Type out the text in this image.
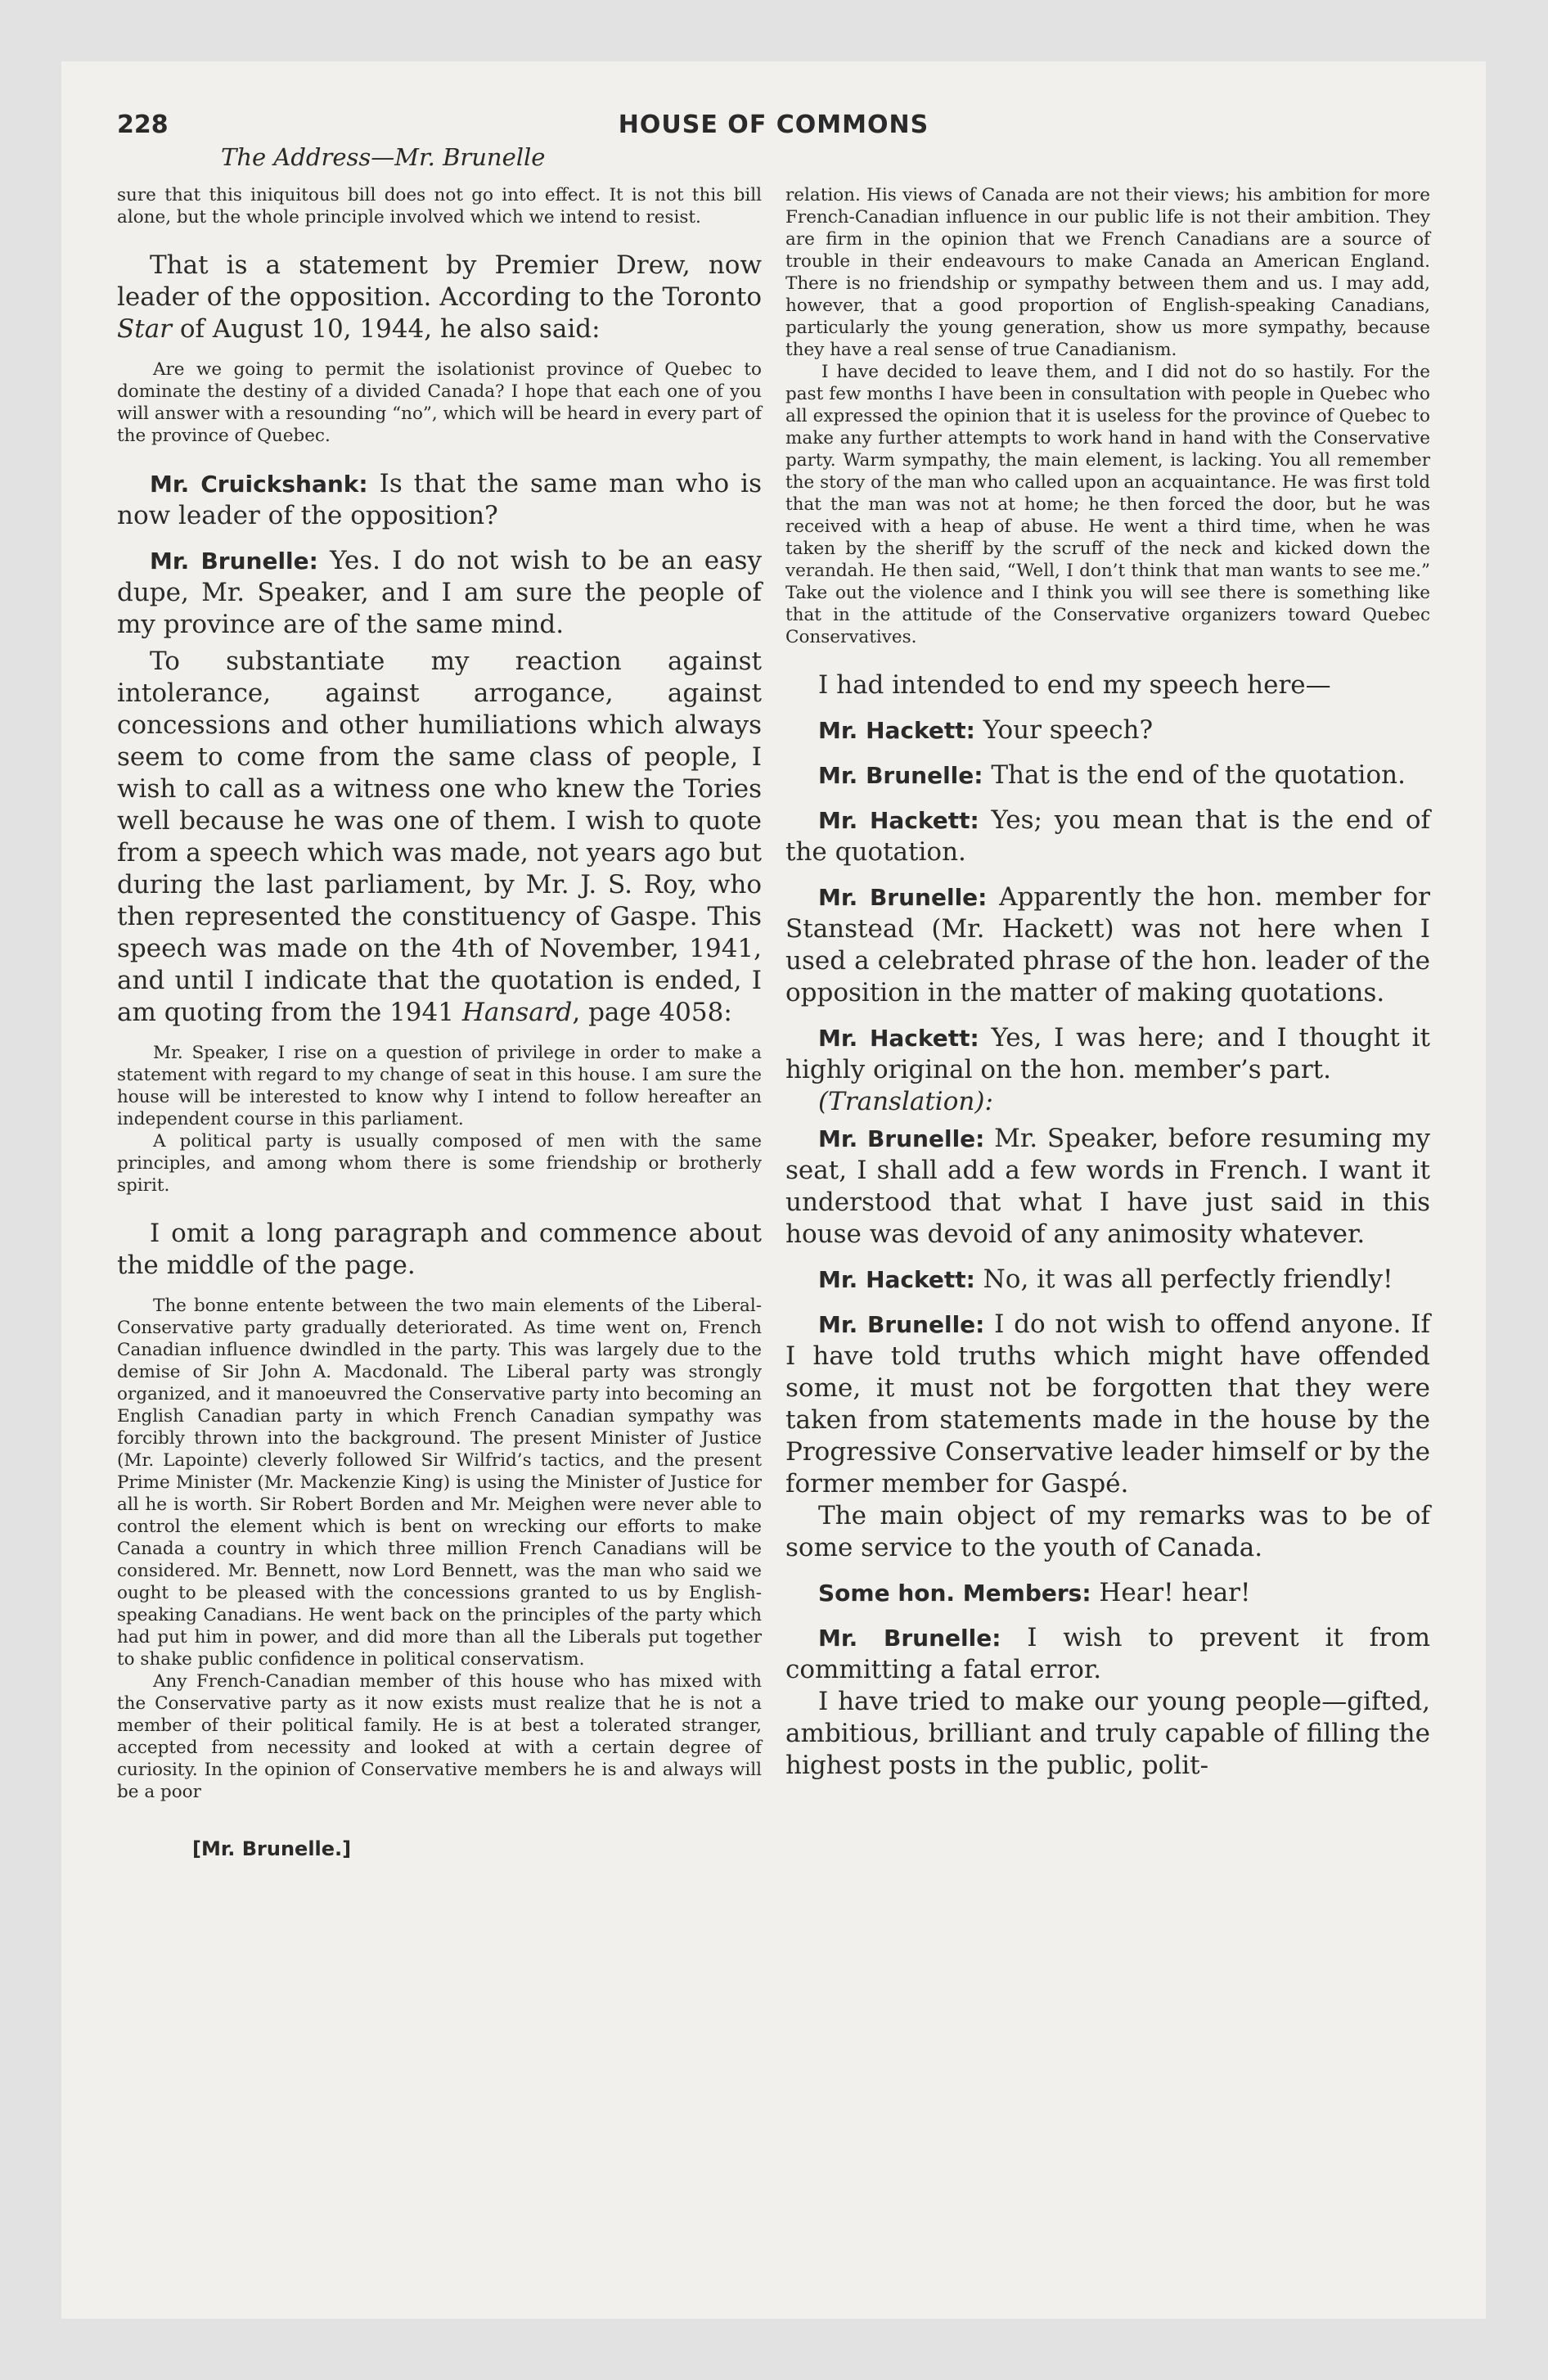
HOUSE OF COMMONS
228
The Address—Mr. Brunelle

sure that this iniquitous bill does not go into effect. It is not this bill alone, but the whole principle involved which we intend to resist.

That is a statement by Premier Drew, now leader of the opposition. According to the Toronto Star of August 10, 1944, he also said:

Are we going to permit the isolationist province of Quebec to dominate the destiny of a divided Canada? I hope that each one of you will answer with a resounding “no”, which will be heard in every part of the province of Quebec.

Mr. Cruickshank: Is that the same man who is now leader of the opposition?

Mr. Brunelle: Yes. I do not wish to be an easy dupe, Mr. Speaker, and I am sure the people of my province are of the same mind.

To substantiate my reaction against intolerance, against arrogance, against concessions and other humiliations which always seem to come from the same class of people, I wish to call as a witness one who knew the Tories well because he was one of them. I wish to quote from a speech which was made, not years ago but during the last parliament, by Mr. J. S. Roy, who then represented the constituency of Gaspe. This speech was made on the 4th of November, 1941, and until I indicate that the quotation is ended, I am quoting from the 1941 Hansard, page 4058:

Mr. Speaker, I rise on a question of privilege in order to make a statement with regard to my change of seat in this house. I am sure the house will be interested to know why I intend to follow hereafter an independent course in this parliament.

A political party is usually composed of men with the same principles, and among whom there is some friendship or brotherly spirit.

I omit a long paragraph and commence about the middle of the page.

The bonne entente between the two main elements of the Liberal-Conservative party gradually deteriorated. As time went on, French Canadian influence dwindled in the party. This was largely due to the demise of Sir John A. Macdonald. The Liberal party was strongly organized, and it manoeuvred the Conservative party into becoming an English Canadian party in which French Canadian sympathy was forcibly thrown into the background. The present Minister of Justice (Mr. Lapointe) cleverly followed Sir Wilfrid’s tactics, and the present Prime Minister (Mr. Mackenzie King) is using the Minister of Justice for all he is worth. Sir Robert Borden and Mr. Meighen were never able to control the element which is bent on wrecking our efforts to make Canada a country in which three million French Canadians will be considered. Mr. Bennett, now Lord Bennett, was the man who said we ought to be pleased with the concessions granted to us by English-speaking Canadians. He went back on the principles of the party which had put him in power, and did more than all the Liberals put together to shake public confidence in political conservatism.

Any French-Canadian member of this house who has mixed with the Conservative party as it now exists must realize that he is not a member of their political family. He is at best a tolerated stranger, accepted from necessity and looked at with a certain degree of curiosity. In the opinion of Conservative members he is and always will be a poor

[Mr. Brunelle.]

relation. His views of Canada are not their views; his ambition for more French-Canadian influence in our public life is not their ambition. They are firm in the opinion that we French Canadians are a source of trouble in their endeavours to make Canada an American England. There is no friendship or sympathy between them and us. I may add, however, that a good proportion of English-speaking Canadians, particularly the young generation, show us more sympathy, because they have a real sense of true Canadianism.

I have decided to leave them, and I did not do so hastily. For the past few months I have been in consultation with people in Quebec who all expressed the opinion that it is useless for the province of Quebec to make any further attempts to work hand in hand with the Conservative party. Warm sympathy, the main element, is lacking. You all remember the story of the man who called upon an acquaintance. He was first told that the man was not at home; he then forced the door, but he was received with a heap of abuse. He went a third time, when he was taken by the sheriff by the scruff of the neck and kicked down the verandah. He then said, “Well, I don’t think that man wants to see me.” Take out the violence and I think you will see there is something like that in the attitude of the Conservative organizers toward Quebec Conservatives.

I had intended to end my speech here—

Mr. Hackett: Your speech?

Mr. Brunelle: That is the end of the quotation.

Mr. Hackett: Yes; you mean that is the end of the quotation.

Mr. Brunelle: Apparently the hon. member for Stanstead (Mr. Hackett) was not here when I used a celebrated phrase of the hon. leader of the opposition in the matter of making quotations.

Mr. Hackett: Yes, I was here; and I thought it highly original on the hon. member’s part.

(Translation):

Mr. Brunelle: Mr. Speaker, before resuming my seat, I shall add a few words in French. I want it understood that what I have just said in this house was devoid of any animosity whatever.

Mr. Hackett: No, it was all perfectly friendly!

Mr. Brunelle: I do not wish to offend anyone. If I have told truths which might have offended some, it must not be forgotten that they were taken from statements made in the house by the Progressive Conservative leader himself or by the former member for Gaspé.

The main object of my remarks was to be of some service to the youth of Canada.

Some hon. Members: Hear! hear!

Mr. Brunelle: I wish to prevent it from committing a fatal error.

I have tried to make our young people—gifted, ambitious, brilliant and truly capable of filling the highest posts in the public, polit-
